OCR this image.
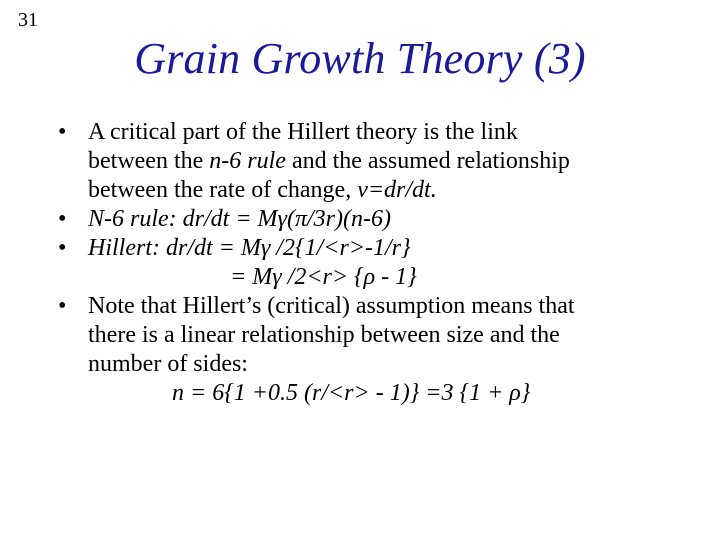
31
Grain Growth Theory (3)
• A critical part of the Hillert theory is the link
between the n-6 rule and the assumed relationship
between the rate of change, v=dr/dt.
• N-6 rule: dr/dt = Mγ(π/3r)(n-6)
• Hillert: dr/dt = Mγ /2{1/<r>-1/r}
= Mγ /2<r> {ρ - 1}
• Note that Hillert’s (critical) assumption means that
there is a linear relationship between size and the
number of sides:
n = 6{1 +0.5 (r/<r> - 1)} =3 {1 + ρ}
